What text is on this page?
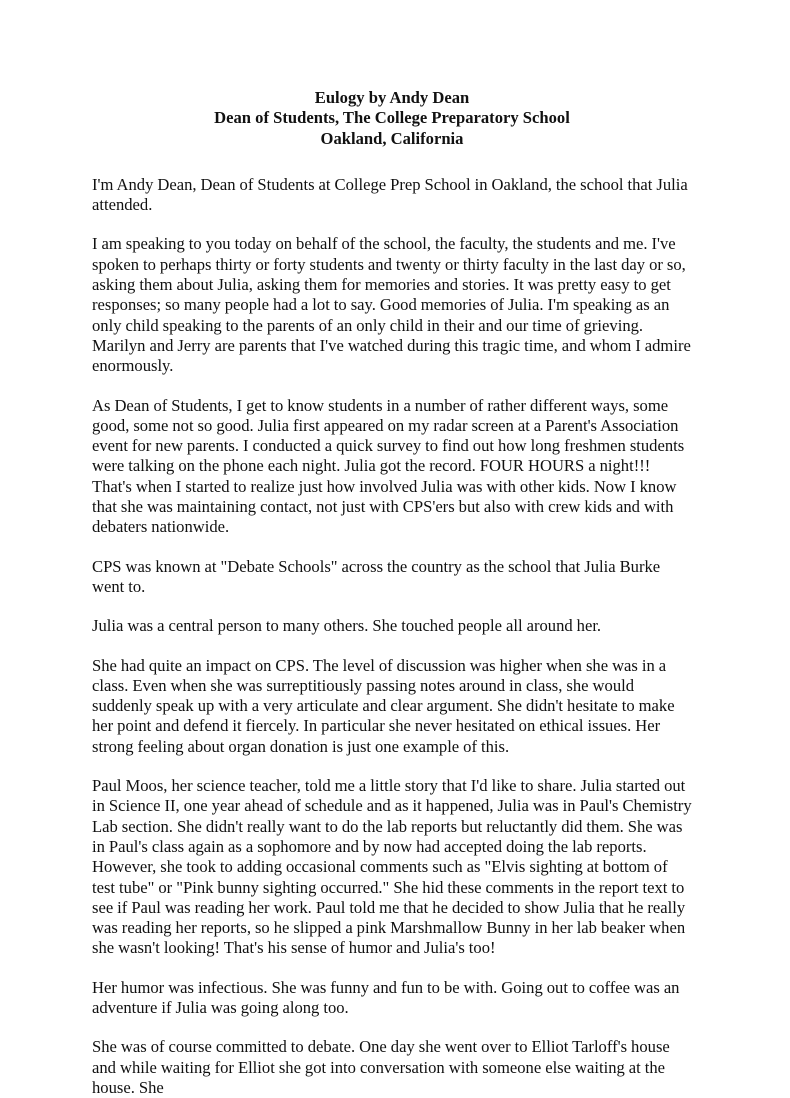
Eulogy by Andy Dean
Dean of Students, The College Preparatory School
Oakland, California

I'm Andy Dean, Dean of Students at College Prep School in Oakland, the school that Julia attended.

I am speaking to you today on behalf of the school, the faculty, the students and me. I've spoken to perhaps thirty or forty students and twenty or thirty faculty in the last day or so, asking them about Julia, asking them for memories and stories. It was pretty easy to get responses; so many people had a lot to say. Good memories of Julia. I'm speaking as an only child speaking to the parents of an only child in their and our time of grieving. Marilyn and Jerry are parents that I've watched during this tragic time, and whom I admire enormously.

As Dean of Students, I get to know students in a number of rather different ways, some good, some not so good. Julia first appeared on my radar screen at a Parent's Association event for new parents. I conducted a quick survey to find out how long freshmen students were talking on the phone each night. Julia got the record. FOUR HOURS a night!!! That's when I started to realize just how involved Julia was with other kids. Now I know that she was maintaining contact, not just with CPS'ers but also with crew kids and with debaters nationwide.

CPS was known at "Debate Schools" across the country as the school that Julia Burke went to.

Julia was a central person to many others. She touched people all around her.

She had quite an impact on CPS. The level of discussion was higher when she was in a class. Even when she was surreptitiously passing notes around in class, she would suddenly speak up with a very articulate and clear argument. She didn't hesitate to make her point and defend it fiercely. In particular she never hesitated on ethical issues. Her strong feeling about organ donation is just one example of this.

Paul Moos, her science teacher, told me a little story that I'd like to share. Julia started out in Science II, one year ahead of schedule and as it happened, Julia was in Paul's Chemistry Lab section. She didn't really want to do the lab reports but reluctantly did them. She was in Paul's class again as a sophomore and by now had accepted doing the lab reports. However, she took to adding occasional comments such as "Elvis sighting at bottom of test tube" or "Pink bunny sighting occurred." She hid these comments in the report text to see if Paul was reading her work. Paul told me that he decided to show Julia that he really was reading her reports, so he slipped a pink Marshmallow Bunny in her lab beaker when she wasn't looking! That's his sense of humor and Julia's too!

Her humor was infectious. She was funny and fun to be with. Going out to coffee was an adventure if Julia was going along too.

She was of course committed to debate. One day she went over to Elliot Tarloff's house and while waiting for Elliot she got into conversation with someone else waiting at the house. She
